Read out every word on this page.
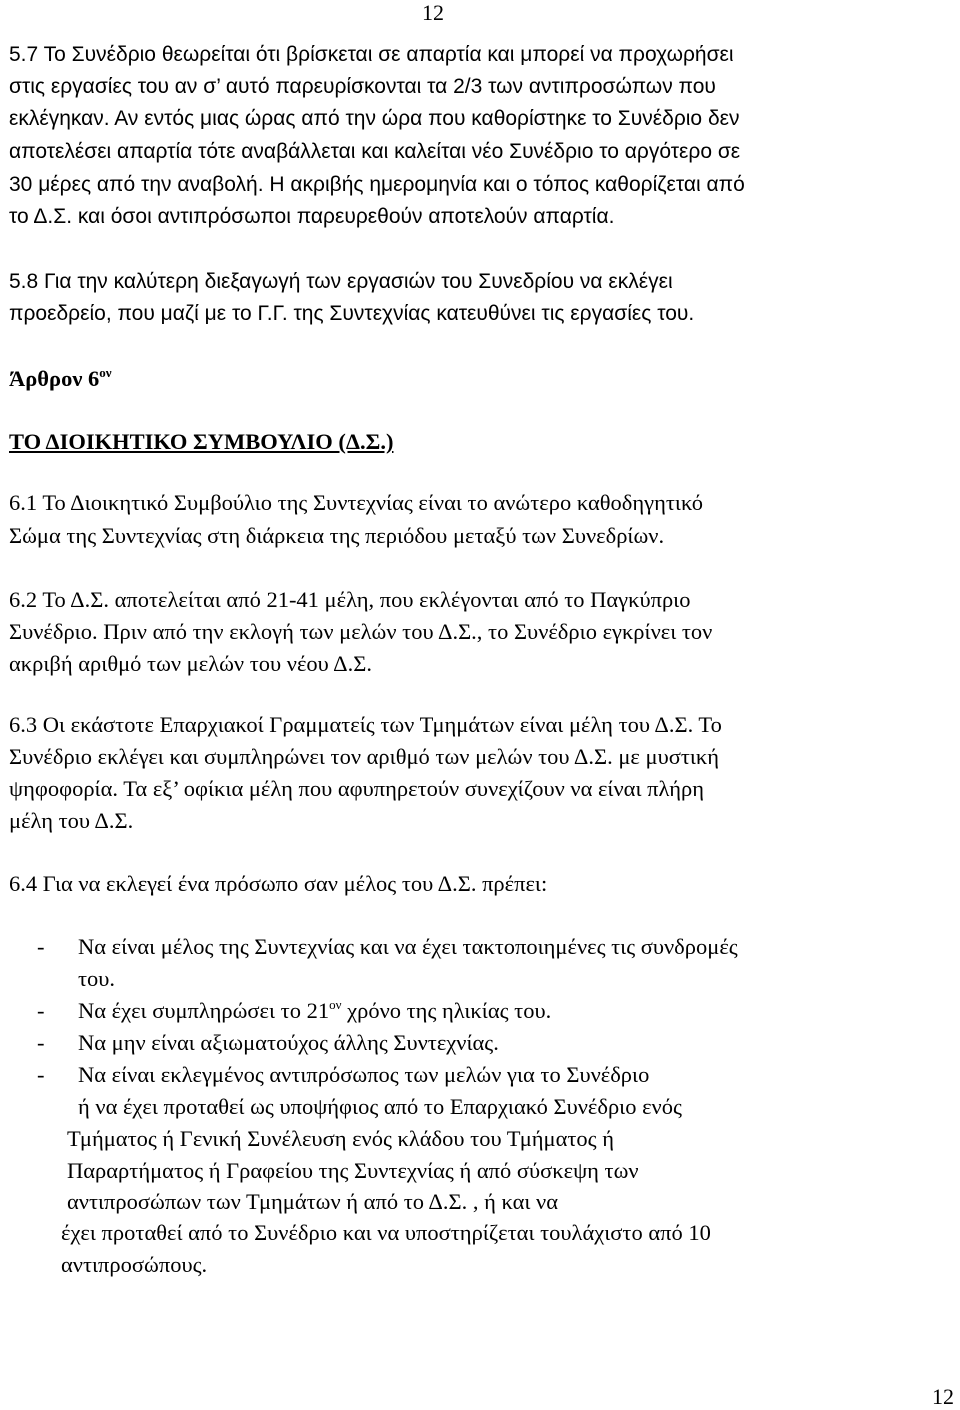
12
5.7 Το Συνέδριο θεωρείται ότι βρίσκεται σε απαρτία και μπορεί να προχωρήσει
στις εργασίες του αν σ’ αυτό παρευρίσκονται τα 2/3 των αντιπροσώπων που
εκλέγηκαν. Αν εντός μιας ώρας από την ώρα που καθορίστηκε το Συνέδριο δεν
αποτελέσει απαρτία τότε αναβάλλεται και καλείται νέο Συνέδριο το αργότερο σε
30 μέρες από την αναβολή. Η ακριβής ημερομηνία και ο τόπος καθορίζεται από
το Δ.Σ. και όσοι αντιπρόσωποι παρευρεθούν αποτελούν απαρτία.
5.8 Για την καλύτερη διεξαγωγή των εργασιών του Συνεδρίου να εκλέγει
προεδρείο, που μαζί με το Γ.Γ. της Συντεχνίας κατευθύνει τις εργασίες του.
Άρθρον $6^{o\nu}$
ΤΟ ΔΙΟΙΚΗΤΙΚΟ ΣΥΜΒΟΥΛΙΟ (Δ.Σ.)
6.1 Το Διοικητικό Συμβούλιο της Συντεχνίας είναι το ανώτερο καθοδηγητικό
Σώμα της Συντεχνίας στη διάρκεια της περιόδου μεταξύ των Συνεδρίων.
6.2 Το Δ.Σ. αποτελείται από 21-41 μέλη, που εκλέγονται από το Παγκύπριο
Συνέδριο. Πριν από την εκλογή των μελών του Δ.Σ., το Συνέδριο εγκρίνει τον
ακριβή αριθμό των μελών του νέου Δ.Σ.
6.3 Οι εκάστοτε Επαρχιακοί Γραμματείς των Τμημάτων είναι μέλη του Δ.Σ. Το
Συνέδριο εκλέγει και συμπληρώνει τον αριθμό των μελών του Δ.Σ. με μυστική
ψηφοφορία. Τα εξ’ οφίκια μέλη που αφυπηρετούν συνεχίζουν να είναι πλήρη
μέλη του Δ.Σ.
6.4 Για να εκλεγεί ένα πρόσωπο σαν μέλος του Δ.Σ. πρέπει:
- Να είναι μέλος της Συντεχνίας και να έχει τακτοποιημένες τις συνδρομές
του.
- Να έχει συμπληρώσει το $21^{o\nu}$ χρόνο της ηλικίας του.
- Να μην είναι αξιωματούχος άλλης Συντεχνίας.
- Να είναι εκλεγμένος αντιπρόσωπος των μελών για το Συνέδριο
ή να έχει προταθεί ως υποψήφιος από το Επαρχιακό Συνέδριο ενός
Τμήματος ή Γενική Συνέλευση ενός κλάδου του Τμήματος ή
Παραρτήματος ή Γραφείου της Συντεχνίας ή από σύσκεψη των
αντιπροσώπων των Τμημάτων ή από το Δ.Σ. , ή και να
έχει προταθεί από το Συνέδριο και να υποστηρίζεται τουλάχιστο από 10
αντιπροσώπους.
12
